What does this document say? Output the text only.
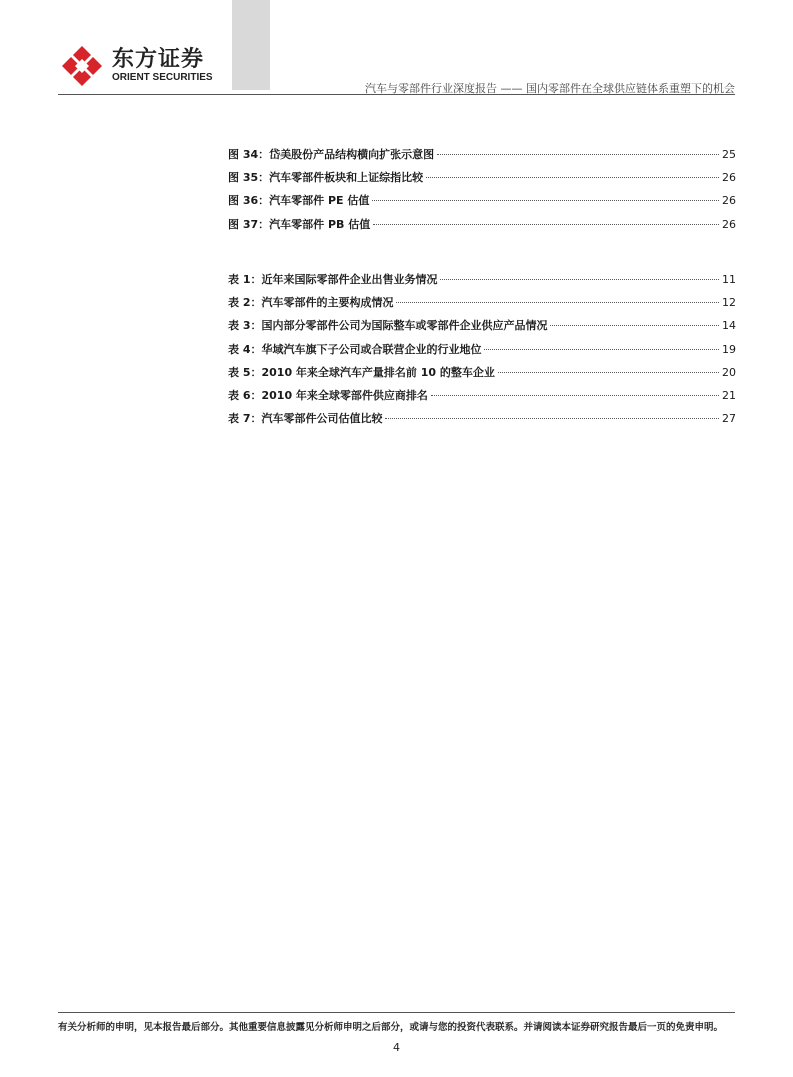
东方证券
ORIENT SECURITIES
汽车与零部件行业深度报告 —— 国内零部件在全球供应链体系重塑下的机会
图 34：岱美股份产品结构横向扩张示意图	25
图 35：汽车零部件板块和上证综指比较	26
图 36：汽车零部件 PE 估值	26
图 37：汽车零部件 PB 估值	26
表 1：近年来国际零部件企业出售业务情况	11
表 2：汽车零部件的主要构成情况	12
表 3：国内部分零部件公司为国际整车或零部件企业供应产品情况	14
表 4：华域汽车旗下子公司或合联营企业的行业地位	19
表 5：2010 年来全球汽车产量排名前 10 的整车企业	20
表 6：2010 年来全球零部件供应商排名	21
表 7：汽车零部件公司估值比较	27
有关分析师的申明，见本报告最后部分。其他重要信息披露见分析师申明之后部分，或请与您的投资代表联系。并请阅读本证券研究报告最后一页的免责申明。
4
